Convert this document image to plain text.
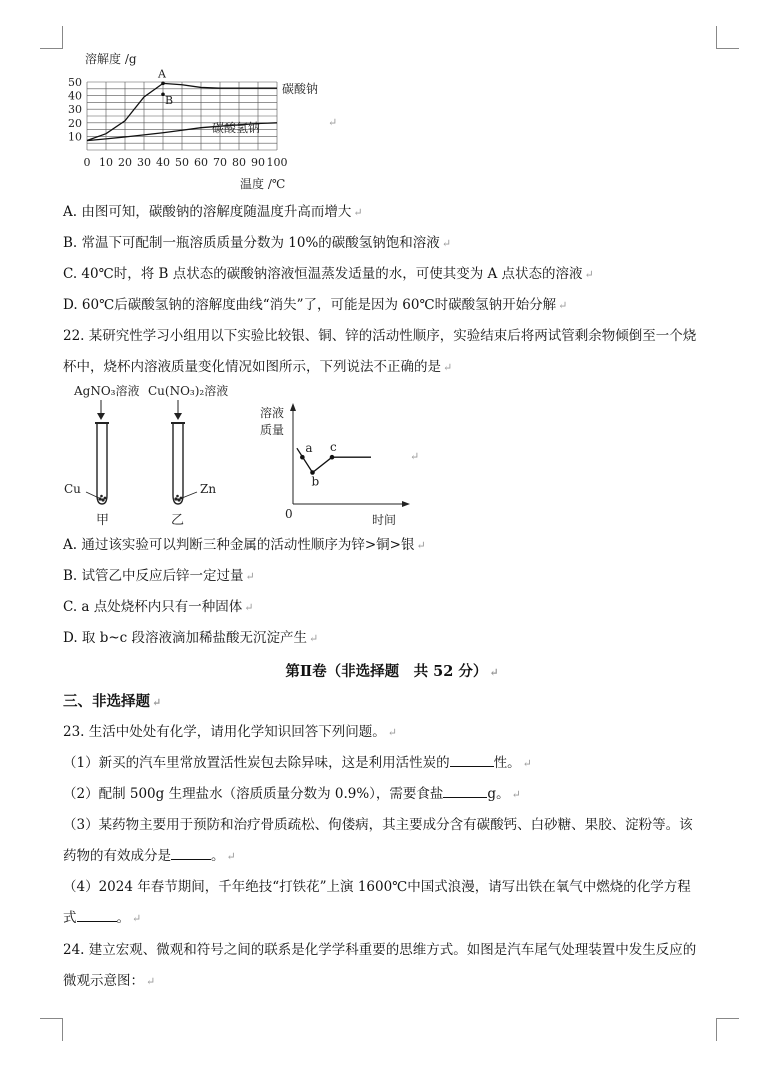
溶解度 /g
0 10 20 30 40 50 60 70 80 90 100
10
20
30
40
50
A
B
碳酸钠
碳酸氢钠
温度 /℃
↵
A. 由图可知，碳酸钠的溶解度随温度升高而增大 ↵
B. 常温下可配制一瓶溶质质量分数为 10%的碳酸氢钠饱和溶液 ↵
C. 40℃时，将 B 点状态的碳酸钠溶液恒温蒸发适量的水，可使其变为 A 点状态的溶液 ↵
D. 60℃后碳酸氢钠的溶解度曲线“消失”了，可能是因为 60℃时碳酸氢钠开始分解 ↵
22. 某研究性学习小组用以下实验比较银、铜、锌的活动性顺序，实验结束后将两试管剩余物倾倒至一个烧
杯中，烧杯内溶液质量变化情况如图所示，下列说法不正确的是 ↵
AgNO₃溶液 Cu(NO₃)₂溶液
Cu	Zn
甲	乙
溶液
质量
a
b
c
0	时间
↵
A. 通过该实验可以判断三种金属的活动性顺序为锌>铜>银 ↵
B. 试管乙中反应后锌一定过量 ↵
C. a 点处烧杯内只有一种固体 ↵
D. 取 b~c 段溶液滴加稀盐酸无沉淀产生 ↵
第Ⅱ卷（非选择题　共 52 分） ↵
三、非选择题 ↵
23. 生活中处处有化学，请用化学知识回答下列问题。 ↵
（1）新买的汽车里常放置活性炭包去除异味，这是利用活性炭的	性。 ↵
（2）配制 500g 生理盐水（溶质质量分数为 0.9%），需要食盐	g。 ↵
（3）某药物主要用于预防和治疗骨质疏松、佝偻病，其主要成分含有碳酸钙、白砂糖、果胶、淀粉等。该
药物的有效成分是	。 ↵
（4）2024 年春节期间，千年绝技“打铁花”上演 1600℃中国式浪漫，请写出铁在氧气中燃烧的化学方程
式	。 ↵
24. 建立宏观、微观和符号之间的联系是化学学科重要的思维方式。如图是汽车尾气处理装置中发生反应的
微观示意图： ↵
